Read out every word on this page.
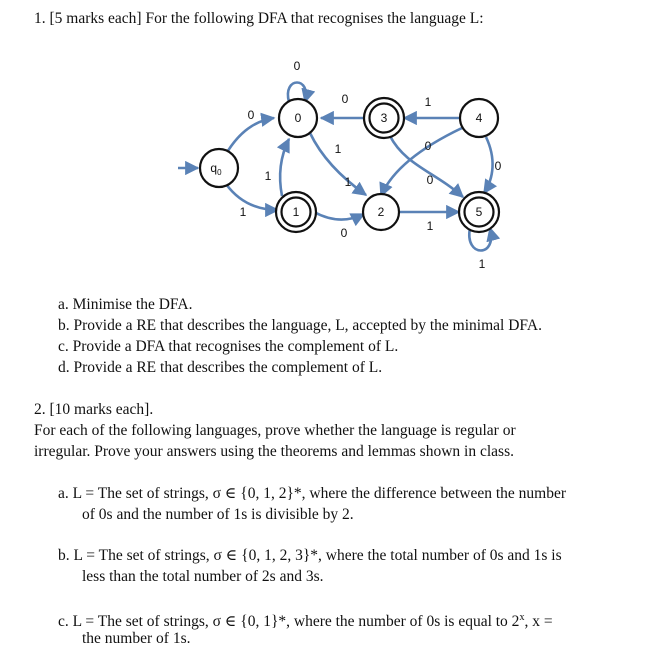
1. [5 marks each] For the following DFA that recognises the language L:
$q_0$
0	3	4
1	2	5
0
1
0
0
1
1
1
0
0
0
1
0
1
1
a. Minimise the DFA.
b. Provide a RE that describes the language, L, accepted by the minimal DFA.
c. Provide a DFA that recognises the complement of L.
d. Provide a RE that describes the complement of L.
2. [10 marks each].
For each of the following languages, prove whether the language is regular or
irregular. Prove your answers using the theorems and lemmas shown in class.
a. L = The set of strings, σ ∈ {0, 1, 2}*, where the difference between the number
of 0s and the number of 1s is divisible by 2.
b. L = The set of strings, σ ∈ {0, 1, 2, 3}*, where the total number of 0s and 1s is
less than the total number of 2s and 3s.
c. L = The set of strings, σ ∈ {0, 1}*, where the number of 0s is equal to 2$^x$, x =
the number of 1s.
